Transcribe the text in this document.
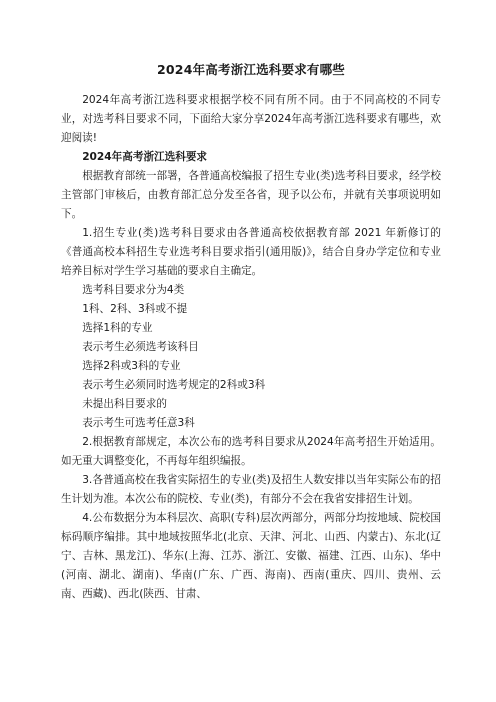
2024年高考浙江选科要求有哪些

2024年高考浙江选科要求根据学校不同有所不同。由于不同高校的不同专业，对选考科目要求不同，下面给大家分享2024年高考浙江选科要求有哪些，欢迎阅读!

2024年高考浙江选科要求

根据教育部统一部署，各普通高校编报了招生专业(类)选考科目要求，经学校主管部门审核后，由教育部汇总分发至各省，现予以公布，并就有关事项说明如下。

1.招生专业(类)选考科目要求由各普通高校依据教育部 2021 年新修订的《普通高校本科招生专业选考科目要求指引(通用版)》，结合自身办学定位和专业培养目标对学生学习基础的要求自主确定。

选考科目要求分为4类

1科、2科、3科或不提

选择1科的专业

表示考生必须选考该科目

选择2科或3科的专业

表示考生必须同时选考规定的2科或3科

未提出科目要求的

表示考生可选考任意3科

2.根据教育部规定，本次公布的选考科目要求从2024年高考招生开始适用。如无重大调整变化，不再每年组织编报。

3.各普通高校在我省实际招生的专业(类)及招生人数安排以当年实际公布的招生计划为准。本次公布的院校、专业(类)，有部分不会在我省安排招生计划。

4.公布数据分为本科层次、高职(专科)层次两部分，两部分均按地域、院校国标码顺序编排。其中地域按照华北(北京、天津、河北、山西、内蒙古)、东北(辽宁、吉林、黑龙江)、华东(上海、江苏、浙江、安徽、福建、江西、山东)、华中(河南、湖北、湖南)、华南(广东、广西、海南)、西南(重庆、四川、贵州、云南、西藏)、西北(陕西、甘肃、
